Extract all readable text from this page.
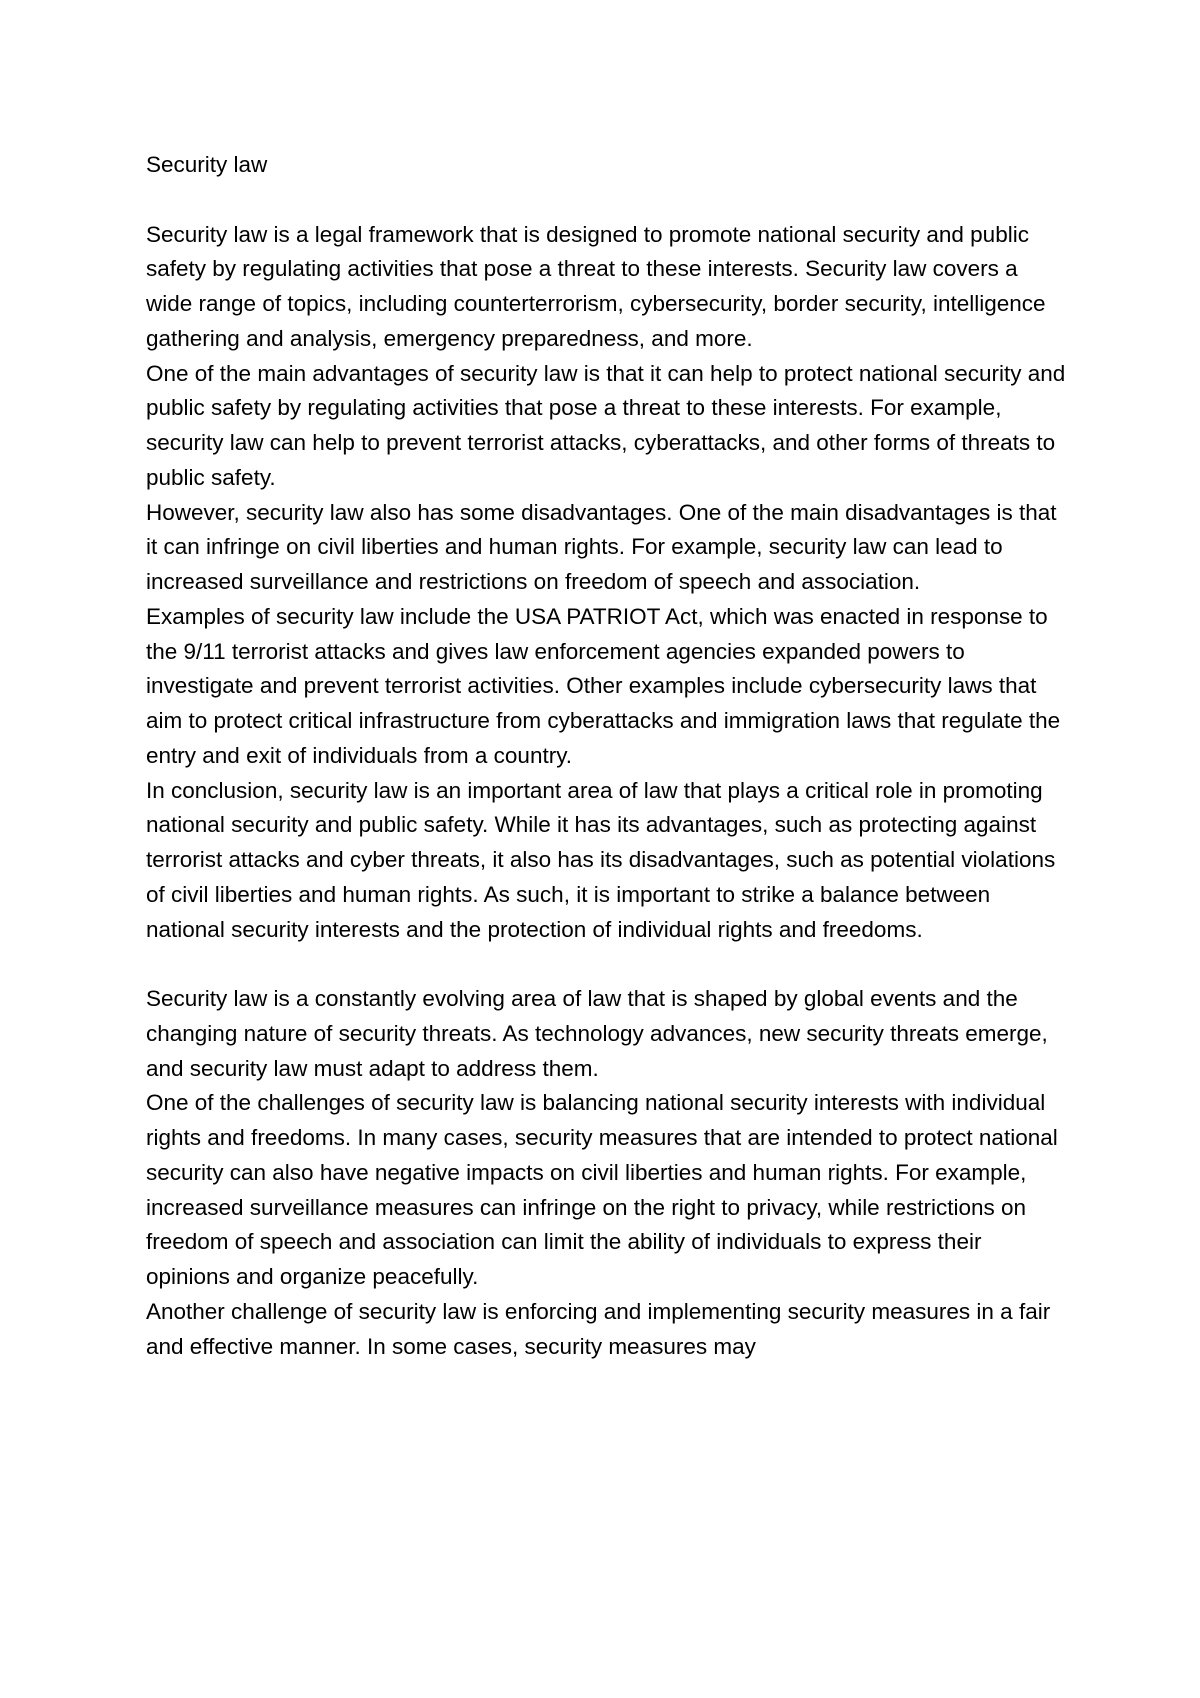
Security law

Security law is a legal framework that is designed to promote national security and public safety by regulating activities that pose a threat to these interests. Security law covers a wide range of topics, including counterterrorism, cybersecurity, border security, intelligence gathering and analysis, emergency preparedness, and more.

One of the main advantages of security law is that it can help to protect national security and public safety by regulating activities that pose a threat to these interests. For example, security law can help to prevent terrorist attacks, cyberattacks, and other forms of threats to public safety.

However, security law also has some disadvantages. One of the main disadvantages is that it can infringe on civil liberties and human rights. For example, security law can lead to increased surveillance and restrictions on freedom of speech and association.

Examples of security law include the USA PATRIOT Act, which was enacted in response to the 9/11 terrorist attacks and gives law enforcement agencies expanded powers to investigate and prevent terrorist activities. Other examples include cybersecurity laws that aim to protect critical infrastructure from cyberattacks and immigration laws that regulate the entry and exit of individuals from a country.

In conclusion, security law is an important area of law that plays a critical role in promoting national security and public safety. While it has its advantages, such as protecting against terrorist attacks and cyber threats, it also has its disadvantages, such as potential violations of civil liberties and human rights. As such, it is important to strike a balance between national security interests and the protection of individual rights and freedoms.

Security law is a constantly evolving area of law that is shaped by global events and the changing nature of security threats. As technology advances, new security threats emerge, and security law must adapt to address them.

One of the challenges of security law is balancing national security interests with individual rights and freedoms. In many cases, security measures that are intended to protect national security can also have negative impacts on civil liberties and human rights. For example, increased surveillance measures can infringe on the right to privacy, while restrictions on freedom of speech and association can limit the ability of individuals to express their opinions and organize peacefully.

Another challenge of security law is enforcing and implementing security measures in a fair and effective manner. In some cases, security measures may
